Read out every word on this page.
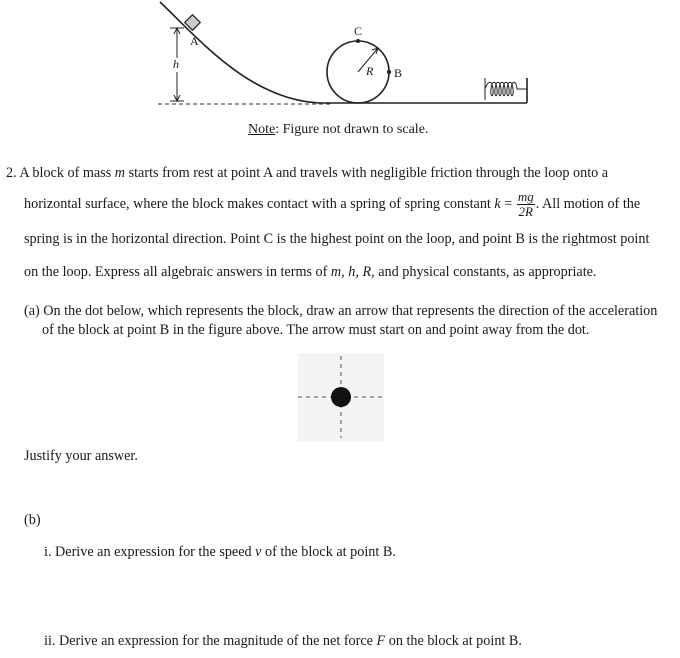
A
C
B
R
h
Note: Figure not drawn to scale.
2. A block of mass m starts from rest at point A and travels with negligible friction through the loop onto a
horizontal surface, where the block makes contact with a spring of spring constant $k = \frac{mg}{2R}$ . All motion of the
spring is in the horizontal direction. Point C is the highest point on the loop, and point B is the rightmost point
on the loop. Express all algebraic answers in terms of m, h, R, and physical constants, as appropriate.
(a) On the dot below, which represents the block, draw an arrow that represents the direction of the acceleration
of the block at point B in the figure above. The arrow must start on and point away from the dot.
Justify your answer.
(b)
i. Derive an expression for the speed v of the block at point B.
ii. Derive an expression for the magnitude of the net force F on the block at point B.
